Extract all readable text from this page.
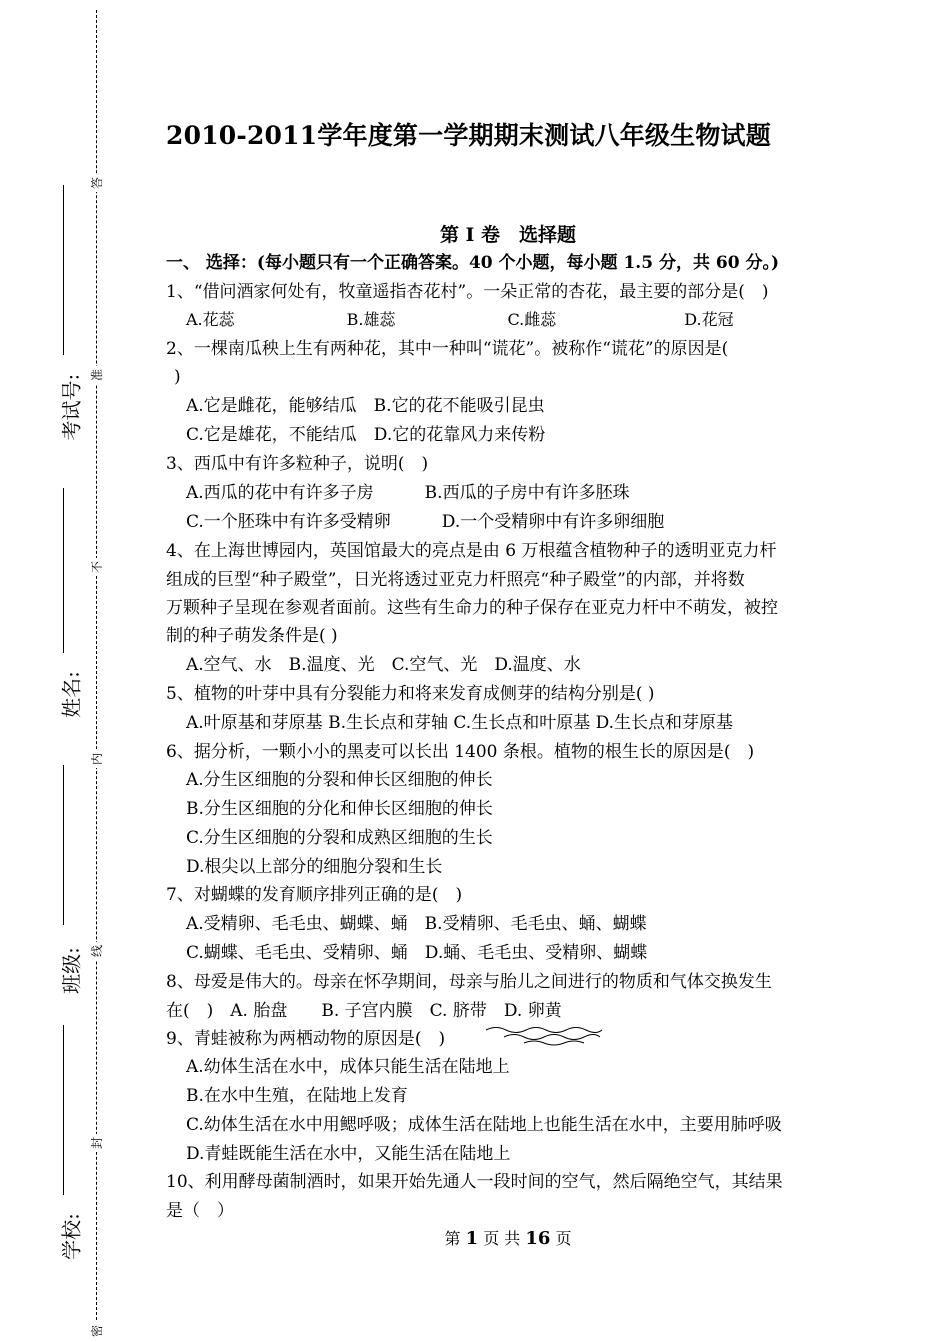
答
准
不
内
线
封
密
考试号:
姓名:
班级:
学校:
2010-2011学年度第一学期期末测试八年级生物试题
第 I 卷　选择题
一、 选择：(每小题只有一个正确答案。40 个小题，每小题 1.5 分，共 60 分。)
1、“借问酒家何处有，牧童遥指杏花村”。一朵正常的杏花，最主要的部分是(　)
A.花蕊　　　　　　　B.雄蕊　　　　　　　C.雌蕊　　　　　　　　D.花冠
2、一棵南瓜秧上生有两种花，其中一种叫“谎花”。被称作“谎花”的原因是(
)
A.它是雌花，能够结瓜　B.它的花不能吸引昆虫
C.它是雄花，不能结瓜　D.它的花靠风力来传粉
3、西瓜中有许多粒种子，说明(　)
A.西瓜的花中有许多子房　　　B.西瓜的子房中有许多胚珠
C.一个胚珠中有许多受精卵　　　D.一个受精卵中有许多卵细胞
4、在上海世博园内，英国馆最大的亮点是由 6 万根蕴含植物种子的透明亚克力杆
组成的巨型“种子殿堂”，日光将透过亚克力杆照亮“种子殿堂”的内部，并将数
万颗种子呈现在参观者面前。这些有生命力的种子保存在亚克力杆中不萌发，被控
制的种子萌发条件是( )
A.空气、水　B.温度、光　C.空气、光　D.温度、水
5、植物的叶芽中具有分裂能力和将来发育成侧芽的结构分别是( )
A.叶原基和芽原基 B.生长点和芽轴 C.生长点和叶原基 D.生长点和芽原基
6、据分析，一颗小小的黑麦可以长出 1400 条根。植物的根生长的原因是(　)
A.分生区细胞的分裂和伸长区细胞的伸长
B.分生区细胞的分化和伸长区细胞的伸长
C.分生区细胞的分裂和成熟区细胞的生长
D.根尖以上部分的细胞分裂和生长
7、对蝴蝶的发育顺序排列正确的是(　)
A.受精卵、毛毛虫、蝴蝶、蛹　B.受精卵、毛毛虫、蛹、蝴蝶
C.蝴蝶、毛毛虫、受精卵、蛹　D.蛹、毛毛虫、受精卵、蝴蝶
8、母爱是伟大的。母亲在怀孕期间，母亲与胎儿之间进行的物质和气体交换发生
在(　)　A. 胎盘　　B. 子宫内膜　C. 脐带　D. 卵黄
9、青蛙被称为两栖动物的原因是(　)
A.幼体生活在水中，成体只能生活在陆地上
B.在水中生殖，在陆地上发育
C.幼体生活在水中用鳃呼吸；成体生活在陆地上也能生活在水中，主要用肺呼吸
D.青蛙既能生活在水中，又能生活在陆地上
10、利用酵母菌制酒时，如果开始先通人一段时间的空气，然后隔绝空气，其结果
是（　）
第 1 页 共 16 页
